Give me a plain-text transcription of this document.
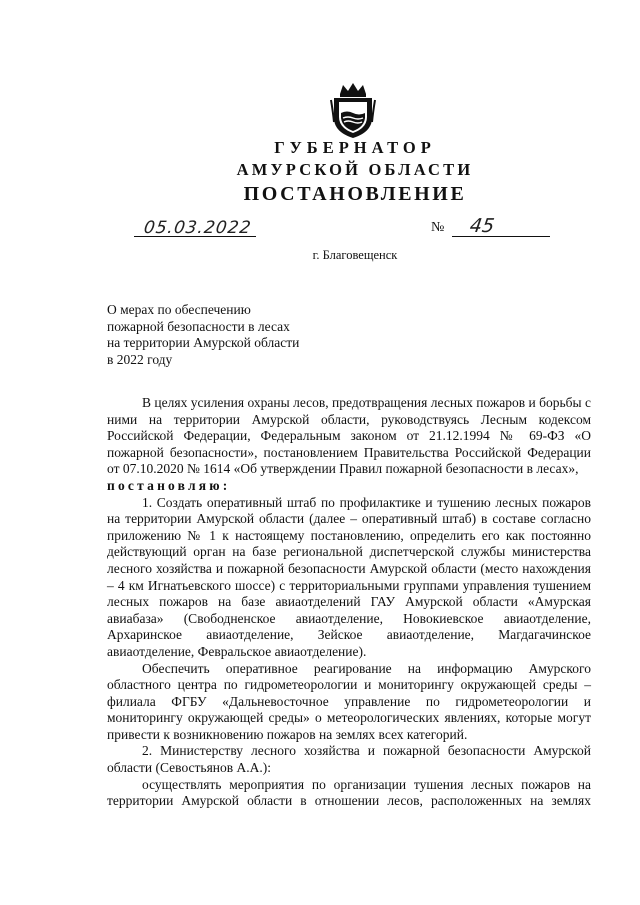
ГУБЕРНАТОР
АМУРСКОЙ ОБЛАСТИ
ПОСТАНОВЛЕНИЕ
05.03.2022	№ 45
г. Благовещенск
О мерах по обеспечению
пожарной безопасности в лесах
на территории Амурской области
в 2022 году

В целях усиления охраны лесов, предотвращения лесных пожаров и борьбы с ними на территории Амурской области, руководствуясь Лесным кодексом Российской Федерации, Федеральным законом от 21.12.1994 № 69-ФЗ «О пожарной безопасности», постановлением Правительства Российской Федерации от 07.10.2020 № 1614 «Об утверждении Правил пожарной безопасности в лесах»,

постановляю:

1. Создать оперативный штаб по профилактике и тушению лесных пожаров на территории Амурской области (далее – оперативный штаб) в составе согласно приложению № 1 к настоящему постановлению, определить его как постоянно действующий орган на базе региональной диспетчерской службы министерства лесного хозяйства и пожарной безопасности Амурской области (место нахождения – 4 км Игнатьевского шоссе) с территориальными группами управления тушением лесных пожаров на базе авиаотделений ГАУ Амурской области «Амурская авиабаза» (Свободненское авиаотделение, Новокиевское авиаотделение, Архаринское авиаотделение, Зейское авиаотделение, Магдагачинское авиаотделение, Февральское авиаотделение).

Обеспечить оперативное реагирование на информацию Амурского областного центра по гидрометеорологии и мониторингу окружающей среды – филиала ФГБУ «Дальневосточное управление по гидрометеорологии и мониторингу окружающей среды» о метеорологических явлениях, которые могут привести к возникновению пожаров на землях всех категорий.

2. Министерству лесного хозяйства и пожарной безопасности Амурской области (Севостьянов А.А.):

осуществлять мероприятия по организации тушения лесных пожаров на территории Амурской области в отношении лесов, расположенных на землях
